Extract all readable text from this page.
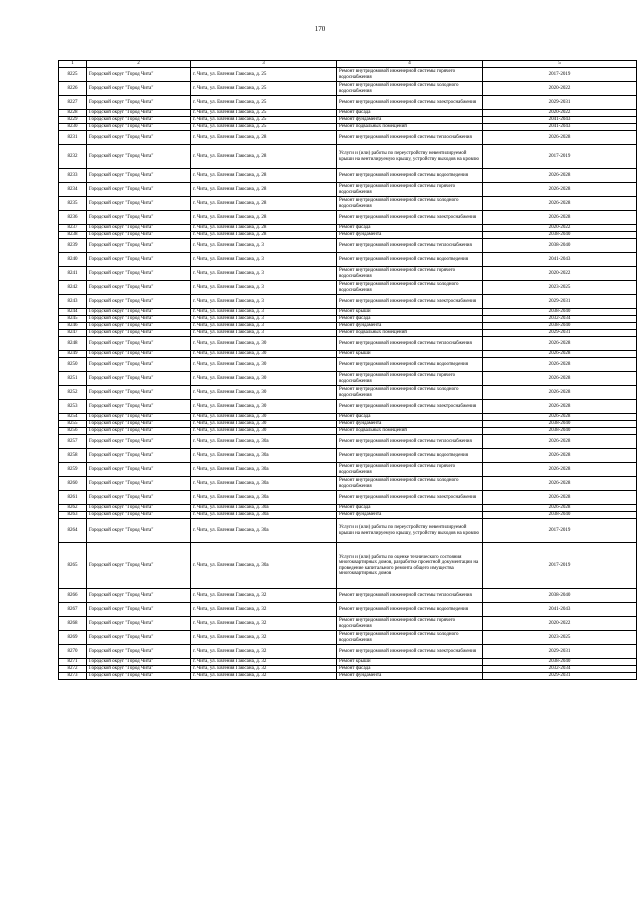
170
1	2	3	4	5
8225	Городской округ "Город Чита"	г. Чита, ул. Евгения Гаюсана, д. 25	Ремонт внутридомовой инженерной системы горячего водоснабжения	2017-2019
8226	Городской округ "Город Чита"	г. Чита, ул. Евгения Гаюсана, д. 25	Ремонт внутридомовой инженерной системы холодного водоснабжения	2020-2022
8227	Городской округ "Город Чита"	г. Чита, ул. Евгения Гаюсана, д. 25	Ремонт внутридомовой инженерной системы электроснабжения	2029-2031
8228	Городской округ "Город Чита"	г. Чита, ул. Евгения Гаюсана, д. 25	Ремонт фасада	2020-2022
8229	Городской округ "Город Чита"	г. Чита, ул. Евгения Гаюсана, д. 25	Ремонт фундамента	2041-2043
8230	Городской округ "Город Чита"	г. Чита, ул. Евгения Гаюсана, д. 25	Ремонт подвальных помещений	2041-2043
8231	Городской округ "Город Чита"	г. Чита, ул. Евгения Гаюсана, д. 28	Ремонт внутридомовой инженерной системы теплоснабжения	2026-2028
8232	Городской округ "Город Чита"	г. Чита, ул. Евгения Гаюсана, д. 28	Услуги и (или) работы по переустройству невентилируемой крыши на вентилируемую крышу, устройству выходов на кровлю	2017-2019
8233	Городской округ "Город Чита"	г. Чита, ул. Евгения Гаюсана, д. 28	Ремонт внутридомовой инженерной системы водоотведения	2026-2028
8234	Городской округ "Город Чита"	г. Чита, ул. Евгения Гаюсана, д. 28	Ремонт внутридомовой инженерной системы горячего водоснабжения	2026-2028
8235	Городской округ "Город Чита"	г. Чита, ул. Евгения Гаюсана, д. 28	Ремонт внутридомовой инженерной системы холодного водоснабжения	2026-2028
8236	Городской округ "Город Чита"	г. Чита, ул. Евгения Гаюсана, д. 28	Ремонт внутридомовой инженерной системы электроснабжения	2026-2028
8237	Городской округ "Город Чита"	г. Чита, ул. Евгения Гаюсана, д. 28	Ремонт фасада	2020-2022
8238	Городской округ "Город Чита"	г. Чита, ул. Евгения Гаюсана, д. 28	Ремонт фундамента	2038-2040
8239	Городской округ "Город Чита"	г. Чита, ул. Евгения Гаюсана, д. 3	Ремонт внутридомовой инженерной системы теплоснабжения	2038-2040
8240	Городской округ "Город Чита"	г. Чита, ул. Евгения Гаюсана, д. 3	Ремонт внутридомовой инженерной системы водоотведения	2041-2043
8241	Городской округ "Город Чита"	г. Чита, ул. Евгения Гаюсана, д. 3	Ремонт внутридомовой инженерной системы горячего водоснабжения	2020-2022
8242	Городской округ "Город Чита"	г. Чита, ул. Евгения Гаюсана, д. 3	Ремонт внутридомовой инженерной системы холодного водоснабжения	2023-2025
8243	Городской округ "Город Чита"	г. Чита, ул. Евгения Гаюсана, д. 3	Ремонт внутридомовой инженерной системы электроснабжения	2029-2031
8244	Городской округ "Город Чита"	г. Чита, ул. Евгения Гаюсана, д. 3	Ремонт крыши	2038-2040
8245	Городской округ "Город Чита"	г. Чита, ул. Евгения Гаюсана, д. 3	Ремонт фасада	2032-2034
8246	Городской округ "Город Чита"	г. Чита, ул. Евгения Гаюсана, д. 3	Ремонт фундамента	2038-2040
8247	Городской округ "Город Чита"	г. Чита, ул. Евгения Гаюсана, д. 3	Ремонт подвальных помещений	2029-2031
8248	Городской округ "Город Чита"	г. Чита, ул. Евгения Гаюсана, д. 30	Ремонт внутридомовой инженерной системы теплоснабжения	2026-2028
8249	Городской округ "Город Чита"	г. Чита, ул. Евгения Гаюсана, д. 30	Ремонт крыши	2026-2028
8250	Городской округ "Город Чита"	г. Чита, ул. Евгения Гаюсана, д. 30	Ремонт внутридомовой инженерной системы водоотведения	2026-2028
8251	Городской округ "Город Чита"	г. Чита, ул. Евгения Гаюсана, д. 30	Ремонт внутридомовой инженерной системы горячего водоснабжения	2026-2028
8252	Городской округ "Город Чита"	г. Чита, ул. Евгения Гаюсана, д. 30	Ремонт внутридомовой инженерной системы холодного водоснабжения	2026-2028
8253	Городской округ "Город Чита"	г. Чита, ул. Евгения Гаюсана, д. 30	Ремонт внутридомовой инженерной системы электроснабжения	2026-2028
8254	Городской округ "Город Чита"	г. Чита, ул. Евгения Гаюсана, д. 30	Ремонт фасада	2026-2028
8255	Городской округ "Город Чита"	г. Чита, ул. Евгения Гаюсана, д. 30	Ремонт фундамента	2038-2040
8256	Городской округ "Город Чита"	г. Чита, ул. Евгения Гаюсана, д. 30	Ремонт подвальных помещений	2038-2040
8257	Городской округ "Город Чита"	г. Чита, ул. Евгения Гаюсана, д. 30а	Ремонт внутридомовой инженерной системы теплоснабжения	2026-2028
8258	Городской округ "Город Чита"	г. Чита, ул. Евгения Гаюсана, д. 30а	Ремонт внутридомовой инженерной системы водоотведения	2026-2028
8259	Городской округ "Город Чита"	г. Чита, ул. Евгения Гаюсана, д. 30а	Ремонт внутридомовой инженерной системы горячего водоснабжения	2026-2028
8260	Городской округ "Город Чита"	г. Чита, ул. Евгения Гаюсана, д. 30а	Ремонт внутридомовой инженерной системы холодного водоснабжения	2026-2028
8261	Городской округ "Город Чита"	г. Чита, ул. Евгения Гаюсана, д. 30а	Ремонт внутридомовой инженерной системы электроснабжения	2026-2028
8262	Городской округ "Город Чита"	г. Чита, ул. Евгения Гаюсана, д. 30а	Ремонт фасада	2026-2028
8263	Городской округ "Город Чита"	г. Чита, ул. Евгения Гаюсана, д. 30а	Ремонт фундамента	2038-2040
8264	Городской округ "Город Чита"	г. Чита, ул. Евгения Гаюсана, д. 30а	Услуги и (или) работы по переустройству невентилируемой крыши на вентилируемую крышу, устройству выходов на кровлю	2017-2019
8265	Городской округ "Город Чита"	г. Чита, ул. Евгения Гаюсана, д. 30а	Услуги и (или) работы по оценке технического состояния многоквартирных домов, разработке проектной документации на проведение капитального ремонта общего имущества многоквартирных домов	2017-2019
8266	Городской округ "Город Чита"	г. Чита, ул. Евгения Гаюсана, д. 32	Ремонт внутридомовой инженерной системы теплоснабжения	2038-2040
8267	Городской округ "Город Чита"	г. Чита, ул. Евгения Гаюсана, д. 32	Ремонт внутридомовой инженерной системы водоотведения	2041-2043
8268	Городской округ "Город Чита"	г. Чита, ул. Евгения Гаюсана, д. 32	Ремонт внутридомовой инженерной системы горячего водоснабжения	2020-2022
8269	Городской округ "Город Чита"	г. Чита, ул. Евгения Гаюсана, д. 32	Ремонт внутридомовой инженерной системы холодного водоснабжения	2023-2025
8270	Городской округ "Город Чита"	г. Чита, ул. Евгения Гаюсана, д. 32	Ремонт внутридомовой инженерной системы электроснабжения	2029-2031
8271	Городской округ "Город Чита"	г. Чита, ул. Евгения Гаюсана, д. 32	Ремонт крыши	2038-2040
8272	Городской округ "Город Чита"	г. Чита, ул. Евгения Гаюсана, д. 32	Ремонт фасада	2032-2034
8273	Городской округ "Город Чита"	г. Чита, ул. Евгения Гаюсана, д. 32	Ремонт фундамента	2029-2031
